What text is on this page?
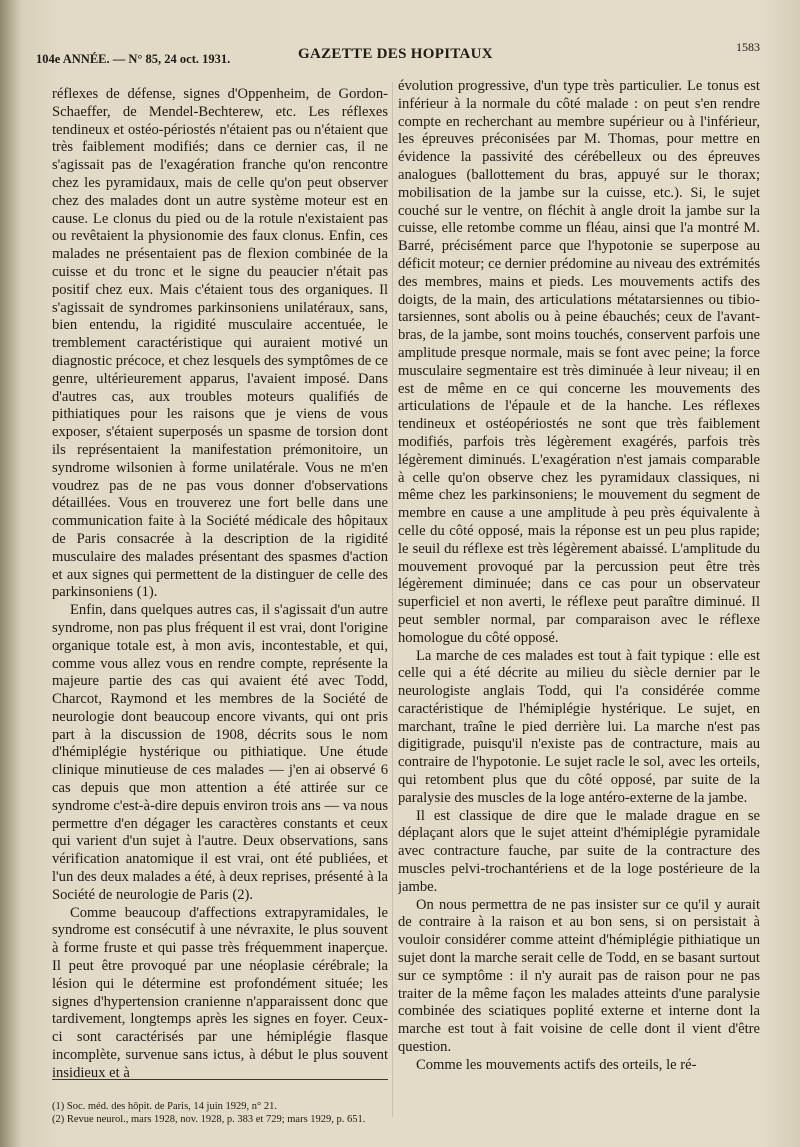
104e ANNÉE. — N° 85, 24 oct. 1931.	GAZETTE DES HOPITAUX	1583

réflexes de défense, signes d'Oppenheim, de Gordon-Schaeffer, de Mendel-Bechterew, etc. Les réflexes tendineux et ostéo-périostés n'étaient pas ou n'étaient que très faiblement modifiés; dans ce dernier cas, il ne s'agissait pas de l'exagération franche qu'on rencontre chez les pyramidaux, mais de celle qu'on peut observer chez des malades dont un autre système moteur est en cause. Le clonus du pied ou de la rotule n'existaient pas ou revêtaient la physionomie des faux clonus. Enfin, ces malades ne présentaient pas de flexion combinée de la cuisse et du tronc et le signe du peaucier n'était pas positif chez eux. Mais c'étaient tous des organiques. Il s'agissait de syndromes parkinsoniens unilatéraux, sans, bien entendu, la rigidité musculaire accentuée, le tremblement caractéristique qui auraient motivé un diagnostic précoce, et chez lesquels des symptômes de ce genre, ultérieurement apparus, l'avaient imposé. Dans d'autres cas, aux troubles moteurs qualifiés de pithiatiques pour les raisons que je viens de vous exposer, s'étaient superposés un spasme de torsion dont ils représentaient la manifestation prémonitoire, un syndrome wilsonien à forme unilatérale. Vous ne m'en voudrez pas de ne pas vous donner d'observations détaillées. Vous en trouverez une fort belle dans une communication faite à la Société médicale des hôpitaux de Paris consacrée à la description de la rigidité musculaire des malades présentant des spasmes d'action et aux signes qui permettent de la distinguer de celle des parkinsoniens (1).

Enfin, dans quelques autres cas, il s'agissait d'un autre syndrome, non pas plus fréquent il est vrai, dont l'origine organique totale est, à mon avis, incontestable, et qui, comme vous allez vous en rendre compte, représente la majeure partie des cas qui avaient été avec Todd, Charcot, Raymond et les membres de la Société de neurologie dont beaucoup encore vivants, qui ont pris part à la discussion de 1908, décrits sous le nom d'hémiplégie hystérique ou pithiatique. Une étude clinique minutieuse de ces malades — j'en ai observé 6 cas depuis que mon attention a été attirée sur ce syndrome c'est-à-dire depuis environ trois ans — va nous permettre d'en dégager les caractères constants et ceux qui varient d'un sujet à l'autre. Deux observations, sans vérification anatomique il est vrai, ont été publiées, et l'un des deux malades a été, à deux reprises, présenté à la Société de neurologie de Paris (2).

Comme beaucoup d'affections extrapyramidales, le syndrome est consécutif à une névraxite, le plus souvent à forme fruste et qui passe très fréquemment inaperçue. Il peut être provoqué par une néoplasie cérébrale; la lésion qui le détermine est profondément située; les signes d'hypertension cranienne n'apparaissent donc que tardivement, longtemps après les signes en foyer. Ceux-ci sont caractérisés par une hémiplégie flasque incomplète, survenue sans ictus, à début le plus souvent insidieux et à

(1) Soc. méd. des hôpit. de Paris, 14 juin 1929, n° 21.
(2) Revue neurol., mars 1928, nov. 1928, p. 383 et 729; mars 1929, p. 651.

évolution progressive, d'un type très particulier. Le tonus est inférieur à la normale du côté malade : on peut s'en rendre compte en recherchant au membre supérieur ou à l'inférieur, les épreuves préconisées par M. Thomas, pour mettre en évidence la passivité des cérébelleux ou des épreuves analogues (ballottement du bras, appuyé sur le thorax; mobilisation de la jambe sur la cuisse, etc.). Si, le sujet couché sur le ventre, on fléchit à angle droit la jambe sur la cuisse, elle retombe comme un fléau, ainsi que l'a montré M. Barré, précisément parce que l'hypotonie se superpose au déficit moteur; ce dernier prédomine au niveau des extrémités des membres, mains et pieds. Les mouvements actifs des doigts, de la main, des articulations métatarsiennes ou tibio-tarsiennes, sont abolis ou à peine ébauchés; ceux de l'avant-bras, de la jambe, sont moins touchés, conservent parfois une amplitude presque normale, mais se font avec peine; la force musculaire segmentaire est très diminuée à leur niveau; il en est de même en ce qui concerne les mouvements des articulations de l'épaule et de la hanche. Les réflexes tendineux et ostéopériostés ne sont que très faiblement modifiés, parfois très légèrement exagérés, parfois très légèrement diminués. L'exagération n'est jamais comparable à celle qu'on observe chez les pyramidaux classiques, ni même chez les parkinsoniens; le mouvement du segment de membre en cause a une amplitude à peu près équivalente à celle du côté opposé, mais la réponse est un peu plus rapide; le seuil du réflexe est très légèrement abaissé. L'amplitude du mouvement provoqué par la percussion peut être très légèrement diminuée; dans ce cas pour un observateur superficiel et non averti, le réflexe peut paraître diminué. Il peut sembler normal, par comparaison avec le réflexe homologue du côté opposé.

La marche de ces malades est tout à fait typique : elle est celle qui a été décrite au milieu du siècle dernier par le neurologiste anglais Todd, qui l'a considérée comme caractéristique de l'hémiplégie hystérique. Le sujet, en marchant, traîne le pied derrière lui. La marche n'est pas digitigrade, puisqu'il n'existe pas de contracture, mais au contraire de l'hypotonie. Le sujet racle le sol, avec les orteils, qui retombent plus que du côté opposé, par suite de la paralysie des muscles de la loge antéro-externe de la jambe.

Il est classique de dire que le malade drague en se déplaçant alors que le sujet atteint d'hémiplégie pyramidale avec contracture fauche, par suite de la contracture des muscles pelvi-trochantériens et de la loge postérieure de la jambe.

On nous permettra de ne pas insister sur ce qu'il y aurait de contraire à la raison et au bon sens, si on persistait à vouloir considérer comme atteint d'hémiplégie pithiatique un sujet dont la marche serait celle de Todd, en se basant surtout sur ce symptôme : il n'y aurait pas de raison pour ne pas traiter de la même façon les malades atteints d'une paralysie combinée des sciatiques poplité externe et interne dont la marche est tout à fait voisine de celle dont il vient d'être question.

Comme les mouvements actifs des orteils, le ré-
